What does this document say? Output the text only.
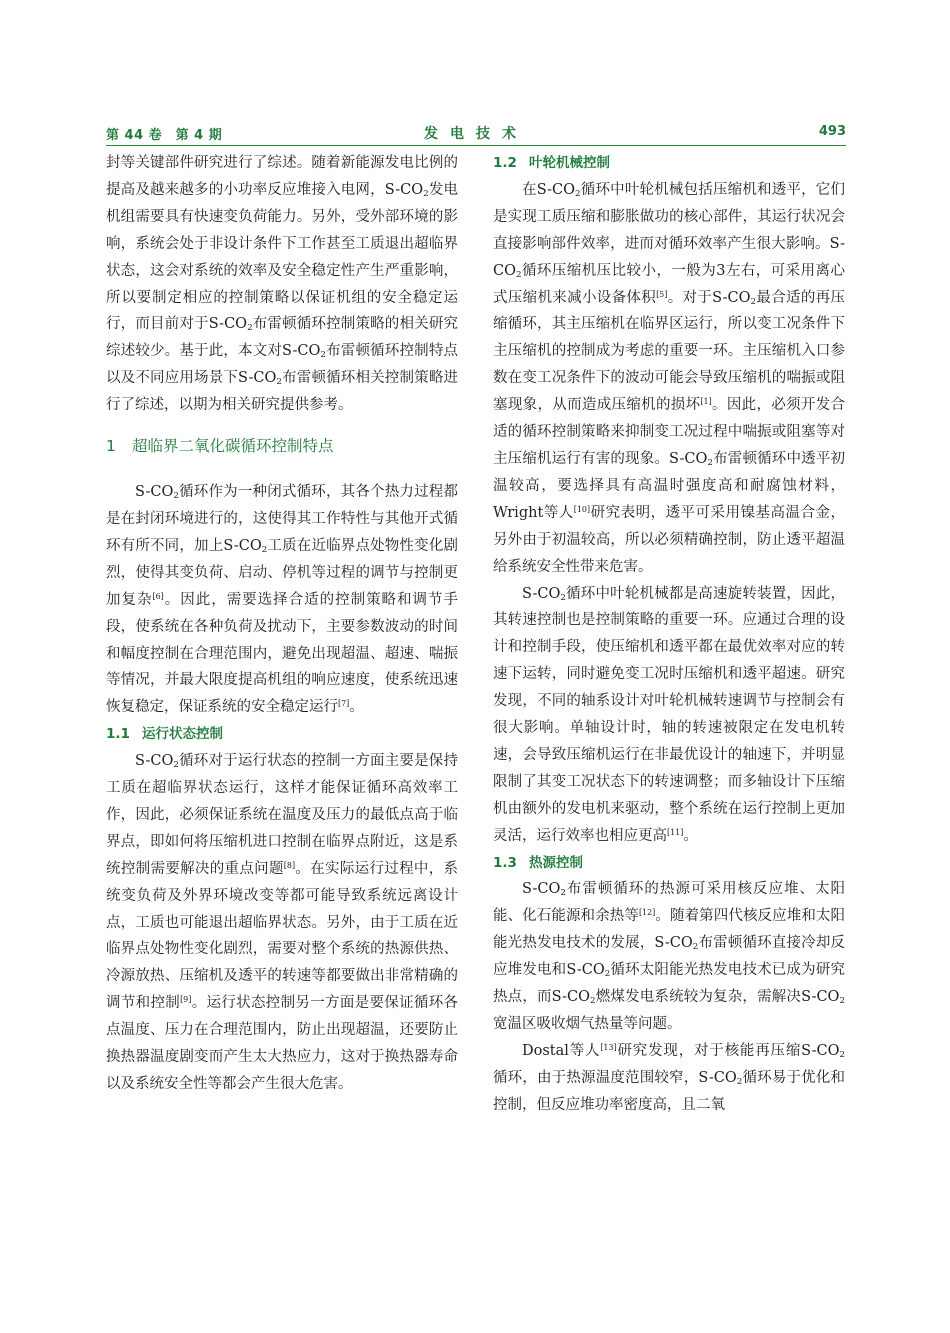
第 44 卷　第 4 期	发电技术	493

封等关键部件研究进行了综述。随着新能源发电比例的提高及越来越多的小功率反应堆接入电网，$S-CO_2$发电机组需要具有快速变负荷能力。另外，受外部环境的影响，系统会处于非设计条件下工作甚至工质退出超临界状态，这会对系统的效率及安全稳定性产生严重影响，所以要制定相应的控制策略以保证机组的安全稳定运行，而目前对于$S-CO_2$布雷顿循环控制策略的相关研究综述较少。基于此，本文对$S-CO_2$布雷顿循环控制特点以及不同应用场景下$S-CO_2$布雷顿循环相关控制策略进行了综述，以期为相关研究提供参考。

1 超临界二氧化碳循环控制特点

$S-CO_2$循环作为一种闭式循环，其各个热力过程都是在封闭环境进行的，这使得其工作特性与其他开式循环有所不同，加上$S-CO_2$工质在近临界点处物性变化剧烈，使得其变负荷、启动、停机等过程的调节与控制更加复杂[6]。因此，需要选择合适的控制策略和调节手段，使系统在各种负荷及扰动下，主要参数波动的时间和幅度控制在合理范围内，避免出现超温、超速、喘振等情况，并最大限度提高机组的响应速度，使系统迅速恢复稳定，保证系统的安全稳定运行[7]。

1.1 运行状态控制

$S-CO_2$循环对于运行状态的控制一方面主要是保持工质在超临界状态运行，这样才能保证循环高效率工作，因此，必须保证系统在温度及压力的最低点高于临界点，即如何将压缩机进口控制在临界点附近，这是系统控制需要解决的重点问题[8]。在实际运行过程中，系统变负荷及外界环境改变等都可能导致系统远离设计点，工质也可能退出超临界状态。另外，由于工质在近临界点处物性变化剧烈，需要对整个系统的热源供热、冷源放热、压缩机及透平的转速等都要做出非常精确的调节和控制[9]。运行状态控制另一方面是要保证循环各点温度、压力在合理范围内，防止出现超温，还要防止换热器温度剧变而产生太大热应力，这对于换热器寿命以及系统安全性等都会产生很大危害。

1.2 叶轮机械控制

在$S-CO_2$循环中叶轮机械包括压缩机和透平，它们是实现工质压缩和膨胀做功的核心部件，其运行状况会直接影响部件效率，进而对循环效率产生很大影响。$S-CO_2$循环压缩机压比较小，一般为3左右，可采用离心式压缩机来减小设备体积[5]。对于$S-CO_2$最合适的再压缩循环，其主压缩机在临界区运行，所以变工况条件下主压缩机的控制成为考虑的重要一环。主压缩机入口参数在变工况条件下的波动可能会导致压缩机的喘振或阻塞现象，从而造成压缩机的损坏[1]。因此，必须开发合适的循环控制策略来抑制变工况过程中喘振或阻塞等对主压缩机运行有害的现象。$S-CO_2$布雷顿循环中透平初温较高，要选择具有高温时强度高和耐腐蚀材料，Wright等人[10]研究表明，透平可采用镍基高温合金，另外由于初温较高，所以必须精确控制，防止透平超温给系统安全性带来危害。

$S-CO_2$循环中叶轮机械都是高速旋转装置，因此，其转速控制也是控制策略的重要一环。应通过合理的设计和控制手段，使压缩机和透平都在最优效率对应的转速下运转，同时避免变工况时压缩机和透平超速。研究发现，不同的轴系设计对叶轮机械转速调节与控制会有很大影响。单轴设计时，轴的转速被限定在发电机转速，会导致压缩机运行在非最优设计的轴速下，并明显限制了其变工况状态下的转速调整；而多轴设计下压缩机由额外的发电机来驱动，整个系统在运行控制上更加灵活，运行效率也相应更高[11]。

1.3 热源控制

$S-CO_2$布雷顿循环的热源可采用核反应堆、太阳能、化石能源和余热等[12]。随着第四代核反应堆和太阳能光热发电技术的发展，$S-CO_2$布雷顿循环直接冷却反应堆发电和$S-CO_2$循环太阳能光热发电技术已成为研究热点，而$S-CO_2$燃煤发电系统较为复杂，需解决$S-CO_2$宽温区吸收烟气热量等问题。

Dostal等人[13]研究发现，对于核能再压缩$S-CO_2$循环，由于热源温度范围较窄，$S-CO_2$循环易于优化和控制，但反应堆功率密度高，且二氧
